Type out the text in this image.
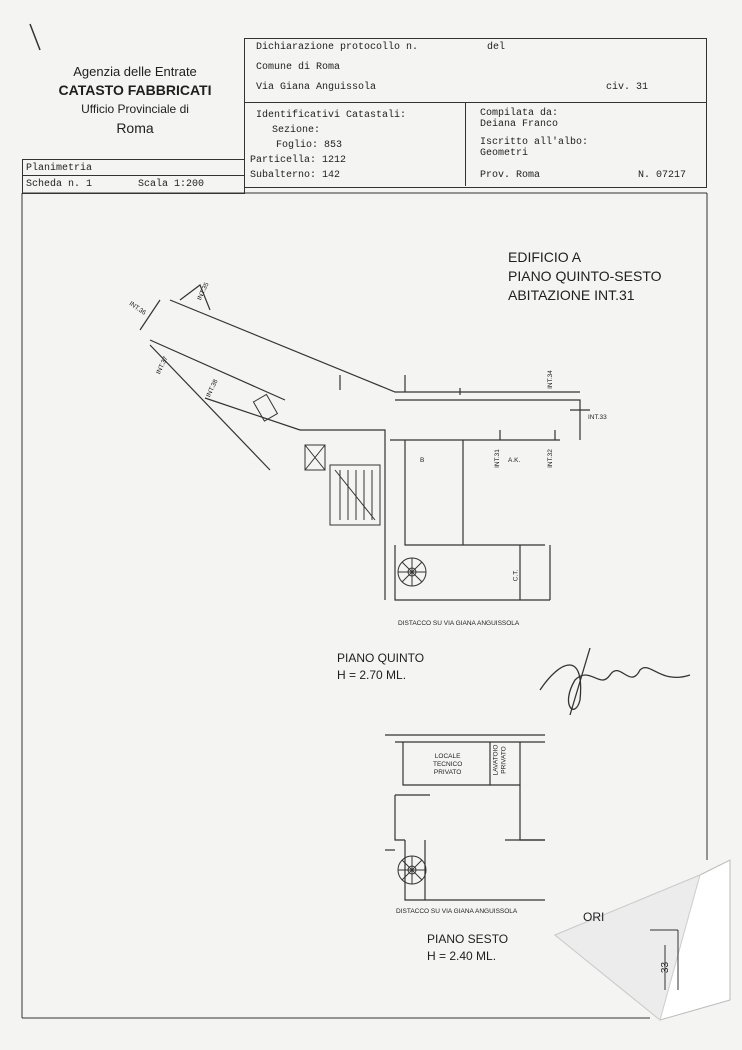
Agenzia delle Entrate
CATASTO FABBRICATI
Ufficio Provinciale di
Roma
Dichiarazione protocollo n.	del
Comune di Roma
Via Giana Anguissola	civ. 31
Identificativi Catastali:
Sezione:
Foglio: 853
Particella: 1212
Subalterno: 142
Compilata da:
Deiana Franco
Iscritto all'albo:
Geometri
Prov. Roma	N. 07217
Planimetria
Scheda n. 1	Scala 1:200
EDIFICIO A
PIANO QUINTO-SESTO
ABITAZIONE INT.31
INT.36
INT.35
INT.37
INT.38	INT.34
INT.33
INT.31	INT.32
B	A.K.
C.T.
DISTACCO SU VIA GIANA ANGUISSOLA
LOCALE
TECNICO
PRIVATO	LAVATOIO PRIVATO
DISTACCO SU VIA GIANA ANGUISSOLA
PIANO QUINTO
H = 2.70 ML.
PIANO SESTO
H = 2.40 ML.
ORI
33
